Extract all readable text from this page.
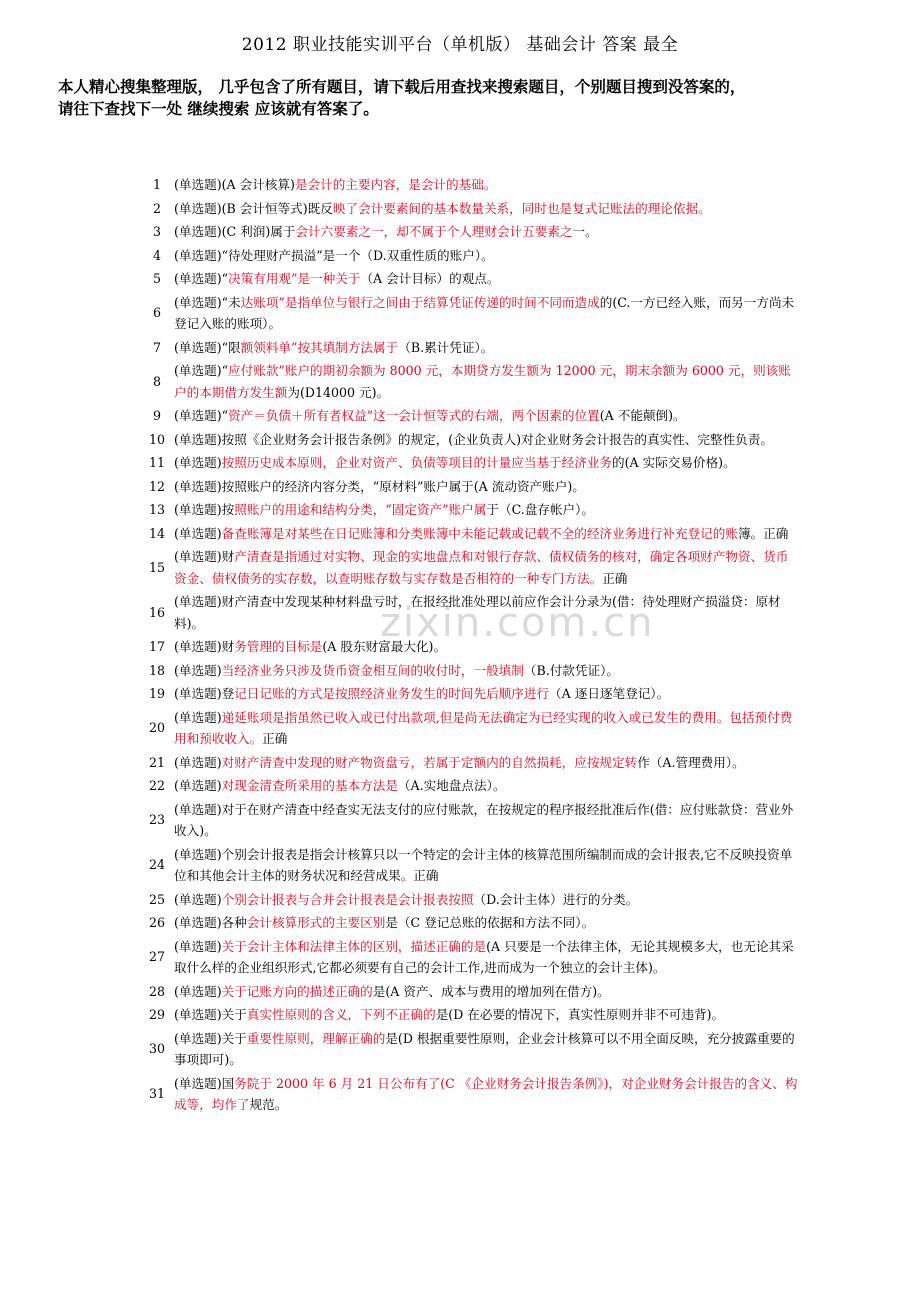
2012 职业技能实训平台（单机版） 基础会计 答案 最全
本人精心搜集整理版， 几乎包含了所有题目，请下载后用查找来搜索题目，个别题目搜到没答案的，
请往下查找下一处 继续搜索 应该就有答案了。
zixin.com.cn
1	(单选题)(A 会计核算)是会计的主要内容，是会计的基础。
2	(单选题)(B 会计恒等式)既反映了会计要素间的基本数量关系，同时也是复式记账法的理论依据。
3	(单选题)(C 利润)属于会计六要素之一，却不属于个人理财会计五要素之一。
4	(单选题)“待处理财产损溢”是一个（D.双重性质的账户）。
5	(单选题)“决策有用观”是一种关于（A 会计目标）的观点。
6	(单选题)“未达账项”是指单位与银行之间由于结算凭证传递的时间不同而造成的(C.一方已经入账，而另一方尚未登记入账的账项）。
7	(单选题)“限额领料单”按其填制方法属于（B.累计凭证）。
8	(单选题)“应付账款”账户的期初余额为 8000 元，本期贷方发生额为 12000 元，期末余额为 6000 元，则该账户的本期借方发生额为(D14000 元)。
9	(单选题)“资产＝负债＋所有者权益”这一会计恒等式的右端，两个因素的位置(A 不能颠倒)。
10	(单选题)按照《企业财务会计报告条例》的规定，(企业负责人)对企业财务会计报告的真实性、完整性负责。
11	(单选题)按照历史成本原则，企业对资产、负债等项目的计量应当基于经济业务的(A 实际交易价格)。
12	(单选题)按照账户的经济内容分类，“原材料”账户属于(A 流动资产账户)。
13	(单选题)按照账户的用途和结构分类，“固定资产”账户属于（C.盘存帐户）。
14	(单选题)备查账簿是对某些在日记账簿和分类账簿中未能记载或记载不全的经济业务进行补充登记的账簿。正确
15	(单选题)财产清查是指通过对实物、现金的实地盘点和对银行存款、债权债务的核对，确定各项财产物资、货币资金、债权债务的实存数，以查明账存数与实存数是否相符的一种专门方法。正确
16	(单选题)财产清查中发现某种材料盘亏时，在报经批准处理以前应作会计分录为(借：待处理财产损溢贷：原材料)。
17	(单选题)财务管理的目标是(A 股东财富最大化)。
18	(单选题)当经济业务只涉及货币资金相互间的收付时，一般填制（B.付款凭证）。
19	(单选题)登记日记账的方式是按照经济业务发生的时间先后顺序进行（A 逐日逐笔登记）。
20	(单选题)递延账项是指虽然已收入或已付出款项,但是尚无法确定为已经实现的收入或已发生的费用。包括预付费用和预收收入。正确
21	(单选题)对财产清查中发现的财产物资盘亏，若属于定额内的自然损耗，应按规定转作（A.管理费用）。
22	(单选题)对现金清查所采用的基本方法是（A.实地盘点法）。
23	(单选题)对于在财产清查中经查实无法支付的应付账款，在按规定的程序报经批准后作(借：应付账款贷：营业外收入)。
24	(单选题)个别会计报表是指会计核算只以一个特定的会计主体的核算范围所编制而成的会计报表,它不反映投资单位和其他会计主体的财务状况和经营成果。正确
25	(单选题)个别会计报表与合并会计报表是会计报表按照（D.会计主体）进行的分类。
26	(单选题)各种会计核算形式的主要区别是（C 登记总账的依据和方法不同）。
27	(单选题)关于会计主体和法律主体的区别，描述正确的是(A 只要是一个法律主体，无论其规模多大，也无论其采取什么样的企业组织形式,它都必须要有自己的会计工作,进而成为一个独立的会计主体)。
28	(单选题)关于记账方向的描述正确的是(A 资产、成本与费用的增加列在借方)。
29	(单选题)关于真实性原则的含义，下列不正确的是(D 在必要的情况下，真实性原则并非不可违背)。
30	(单选题)关于重要性原则，理解正确的是(D 根据重要性原则，企业会计核算可以不用全面反映，充分披露重要的事项即可)。
31	(单选题)国务院于 2000 年 6 月 21 日公布有了(C 《企业财务会计报告条例》)，对企业财务会计报告的含义、构成等，均作了规范。
